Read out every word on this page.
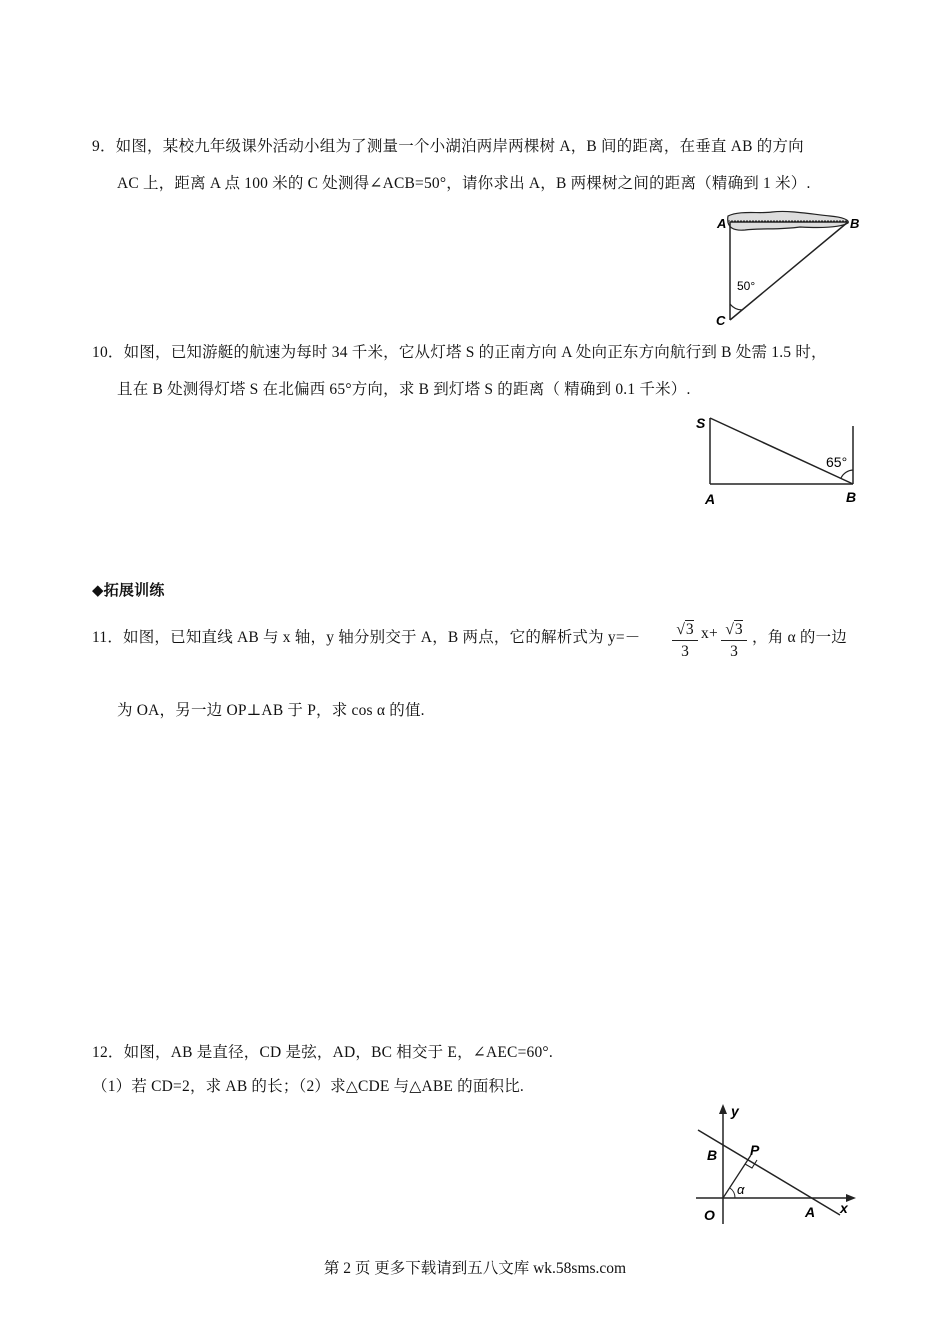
9．如图，某校九年级课外活动小组为了测量一个小湖泊两岸两棵树 A，B 间的距离，在垂直 AB 的方向
AC 上，距离 A 点 100 米的 C 处测得∠ACB=50°，请你求出 A，B 两棵树之间的距离（精确到 1 米）.
A	B
C
50°
10．如图，已知游艇的航速为每时 34 千米，它从灯塔 S 的正南方向 A 处向正东方向航行到 B 处需 1.5 时，
且在 B 处测得灯塔 S 在北偏西 65°方向，求 B 到灯塔 S 的距离（ 精确到 0.1 千米）.
S
A	B
65°
◆拓展训练
11．如图，已知直线 AB 与 x 轴，y 轴分别交于 A，B 两点，它的解析式为 y=－ √3
3
x+ √3
3
，角 α 的一边
为 OA，另一边 OP⊥AB 于 P，求 cos α 的值.
12．如图，AB 是直径，CD 是弦，AD，BC 相交于 E，∠AEC=60°.
（1）若 CD=2，求 AB 的长；（2）求△CDE 与△ABE 的面积比.
y
B P
α
O	A x
第 2 页 更多下载请到五八文库 wk.58sms.com
